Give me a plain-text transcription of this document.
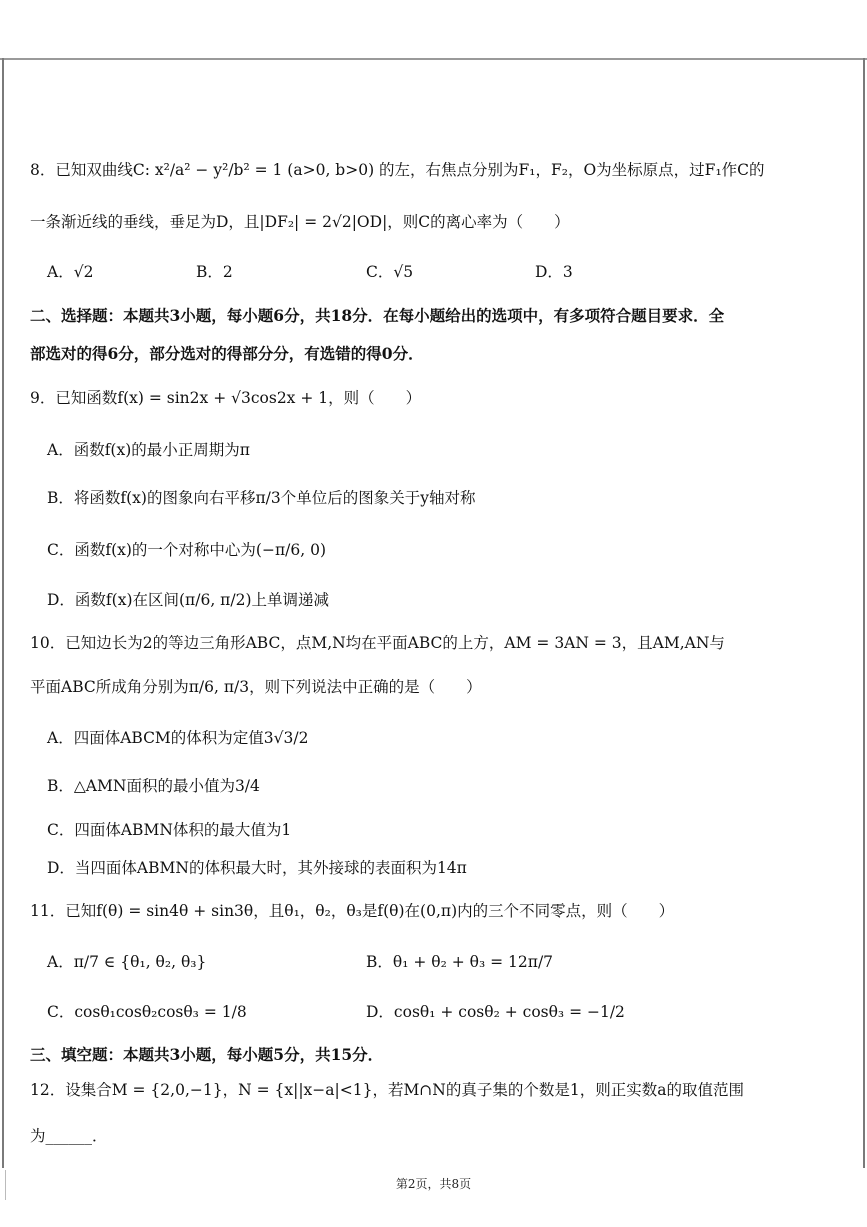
8．已知双曲线C: x²/a² − y²/b² = 1 (a>0, b>0) 的左，右焦点分别为F₁，F₂，O为坐标原点，过F₁作C的
一条渐近线的垂线，垂足为D，且|DF₂| = 2√2|OD|，则C的离心率为（　　）
A．√2	B．2	C．√5	D．3
二、选择题：本题共3小题，每小题6分，共18分．在每小题给出的选项中，有多项符合题目要求．全
部选对的得6分，部分选对的得部分分，有选错的得0分．
9．已知函数f(x) = sin2x + √3cos2x + 1，则（　　）
A．函数f(x)的最小正周期为π
B．将函数f(x)的图象向右平移π/3个单位后的图象关于y轴对称
C．函数f(x)的一个对称中心为(−π/6, 0)
D．函数f(x)在区间(π/6, π/2)上单调递减
10．已知边长为2的等边三角形ABC，点M,N均在平面ABC的上方，AM = 3AN = 3，且AM,AN与
平面ABC所成角分别为π/6, π/3，则下列说法中正确的是（　　）
A．四面体ABCM的体积为定值3√3/2
B．△AMN面积的最小值为3/4
C．四面体ABMN体积的最大值为1
D．当四面体ABMN的体积最大时，其外接球的表面积为14π
11．已知f(θ) = sin4θ + sin3θ，且θ₁，θ₂，θ₃是f(θ)在(0,π)内的三个不同零点，则（　　）
A．π/7 ∈ {θ₁, θ₂, θ₃}	B．θ₁ + θ₂ + θ₃ = 12π/7
C．cosθ₁cosθ₂cosθ₃ = 1/8	D．cosθ₁ + cosθ₂ + cosθ₃ = −1/2
三、填空题：本题共3小题，每小题5分，共15分．
12．设集合M = {2,0,−1}，N = {x||x−a|<1}，若M∩N的真子集的个数是1，则正实数a的取值范围
为______．
第2页，共8页
